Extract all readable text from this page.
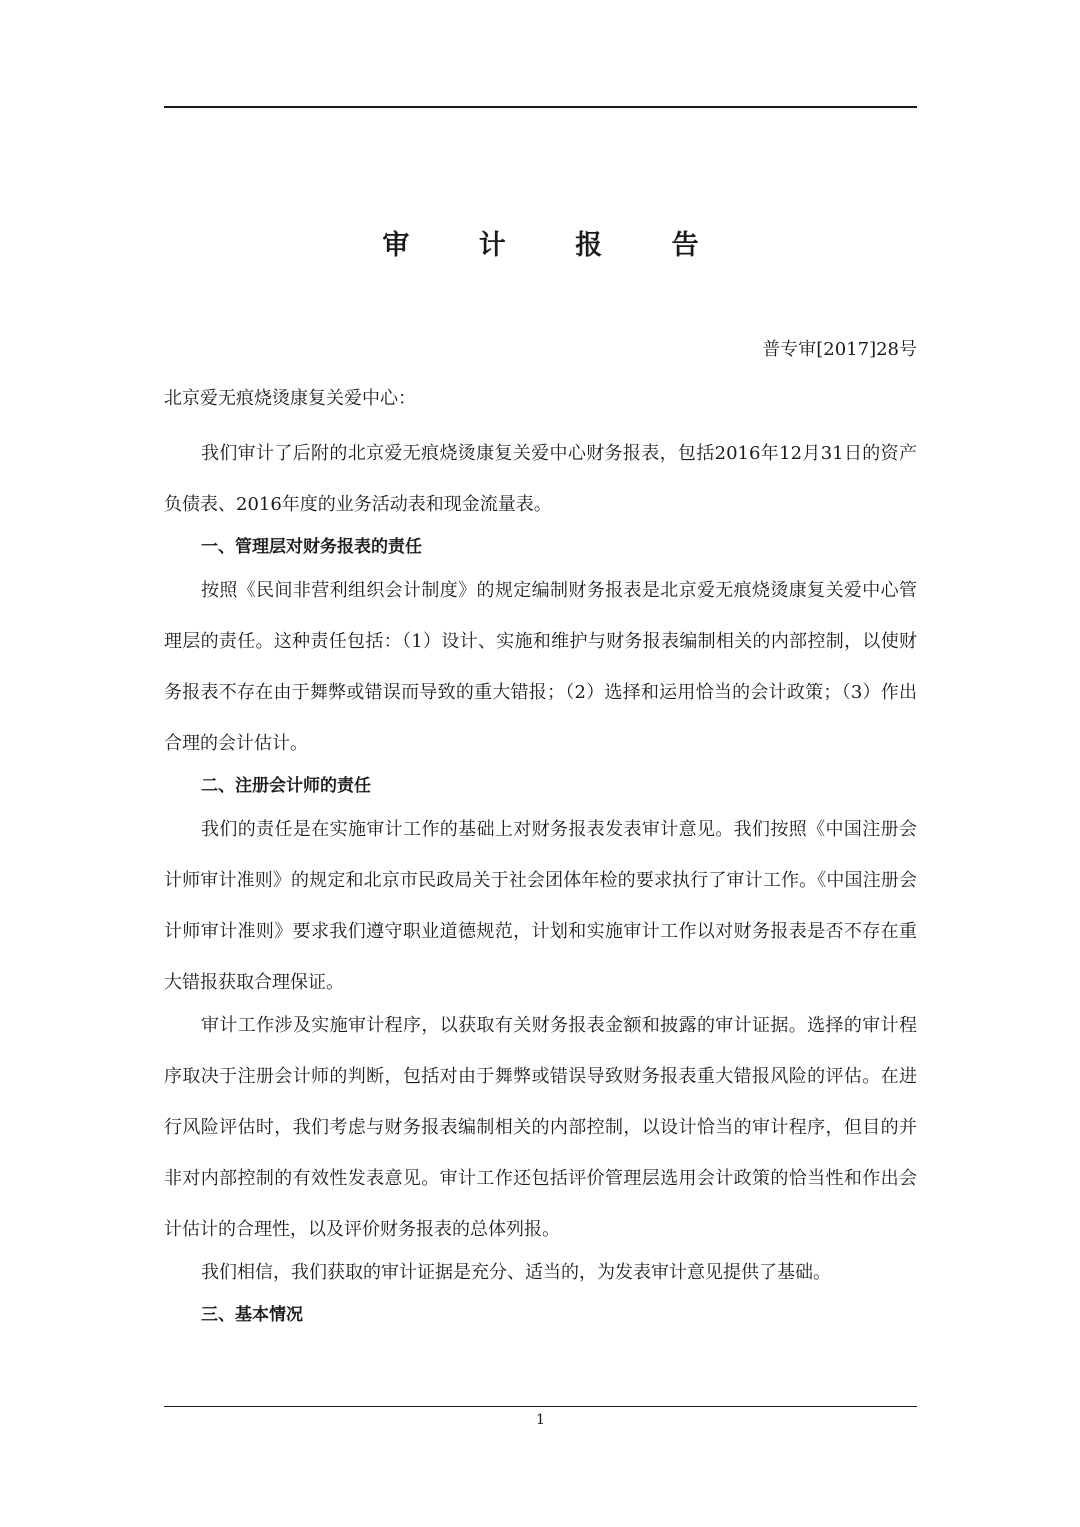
审 计 报 告
普专审[2017]28号

北京爱无痕烧烫康复关爱中心：

我们审计了后附的北京爱无痕烧烫康复关爱中心财务报表，包括2016年12月31日的资产负债表、2016年度的业务活动表和现金流量表。

一、管理层对财务报表的责任

按照《民间非营利组织会计制度》的规定编制财务报表是北京爱无痕烧烫康复关爱中心管理层的责任。这种责任包括：（1）设计、实施和维护与财务报表编制相关的内部控制，以使财务报表不存在由于舞弊或错误而导致的重大错报；（2）选择和运用恰当的会计政策；（3）作出合理的会计估计。

二、注册会计师的责任

我们的责任是在实施审计工作的基础上对财务报表发表审计意见。我们按照《中国注册会计师审计准则》的规定和北京市民政局关于社会团体年检的要求执行了审计工作。《中国注册会计师审计准则》要求我们遵守职业道德规范，计划和实施审计工作以对财务报表是否不存在重大错报获取合理保证。

审计工作涉及实施审计程序，以获取有关财务报表金额和披露的审计证据。选择的审计程序取决于注册会计师的判断，包括对由于舞弊或错误导致财务报表重大错报风险的评估。在进行风险评估时，我们考虑与财务报表编制相关的内部控制，以设计恰当的审计程序，但目的并非对内部控制的有效性发表意见。审计工作还包括评价管理层选用会计政策的恰当性和作出会计估计的合理性，以及评价财务报表的总体列报。

我们相信，我们获取的审计证据是充分、适当的，为发表审计意见提供了基础。

三、基本情况

1
